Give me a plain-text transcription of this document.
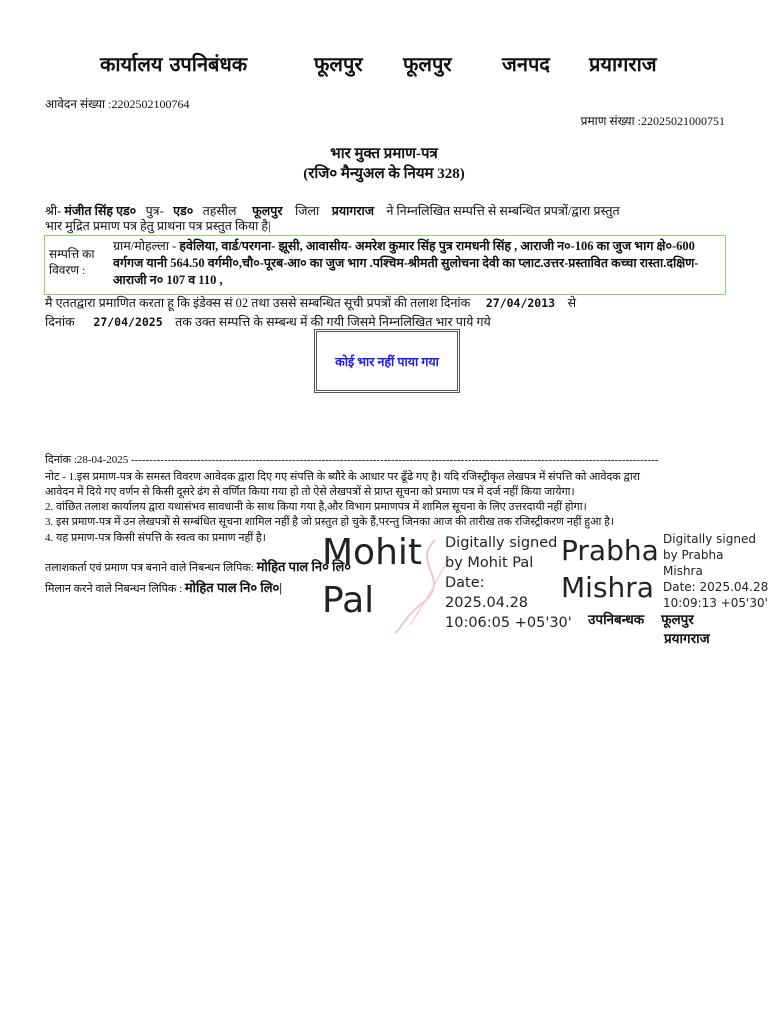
कार्यालय उपनिबंधक	फूलपुर फूलपुर	जनपद प्रयागराज
आवेदन संख्या :2202502100764
प्रमाण संख्या :22025021000751
भार मुक्त प्रमाण-पत्र
(रजि० मैन्युअल के नियम 328)
श्री- मंजीत सिंह एड० पुत्र- एड० तहसील फूलपुर जिला प्रयागराज ने निम्नलिखित सम्पत्ति से सम्बन्धित प्रपत्रों/द्वारा प्रस्तुत
भार मुद्रित प्रमाण पत्र हेतु प्राथना पत्र प्रस्तुत किया है|
सम्पत्ति का विवरण :
ग्राम/मोहल्ला - हवेलिया, वार्ड/परगना- झूसी, आवासीय- अमरेश कुमार सिंह पुत्र रामधनी सिंह , आराजी न०-106 का जुज भाग क्षे०-600 वर्गगज यानी 564.50 वर्गमी०,चौ०-पूरब-आ० का जुज भाग .पश्चिम-श्रीमती सुलोचना देवी का प्लाट.उत्तर-प्रस्तावित कच्चा रास्ता.दक्षिण-आराजी न० 107 व 110 ,
मै एततद्वारा प्रमाणित करता हू कि इंडेक्स सं 02 तथा उससे सम्बन्धित सूची प्रपत्रों की तलाश दिनांक 27/04/2013 से
दिनांक 27/04/2025 तक उक्त सम्पत्ति के सम्बन्ध में की गयी जिसमे निम्नलिखित भार पाये गये
कोई भार नहीं पाया गया
दिनांक :28-04-2025 ------------------------------------------------------------------------------------------------------------------------------------------------
नोट - 1.इस प्रमाण-पत्र के समस्त विवरण आवेदक द्वारा दिए गए संपत्ति के ब्यौरे के आधार पर ढूँढे गए है। यदि रजिस्ट्रीकृत लेखपत्र में संपत्ति को आवेदक द्वारा
आवेदन में दिये गए वर्णन से किसी दूसरे ढंग से वर्णित किया गया हो तो ऐसे लेखपत्रों से प्राप्त सूचना को प्रमाण पत्र में दर्ज नहीं किया जायेगा।
2. वांछित तलाश कार्यालय द्वारा यथासंभव सावधानी के साथ किया गया है,और विभाग प्रमाणपत्र में शामिल सूचना के लिए उत्तरदायी नहीं होगा।
3. इस प्रमाण-पत्र में उन लेखपत्रों से सम्बंधित सूचना शामिल नहीं है जो प्रस्तुत हो चुके हैं,परन्तु जिनका आज की तारीख तक रजिस्ट्रीकरण नहीं हुआ है।
4. यह प्रमाण-पत्र किसी संपत्ति के स्वत्व का प्रमाण नहीं है।
तलाशकर्ता एवं प्रमाण पत्र बनाने वाले निबन्धन लिपिक: मोहित पाल नि० लि०
मिलान करने वाले निबन्धन लिपिक : मोहित पाल नि० लि०|
Mohit
Pal
Digitally signed
by Mohit Pal
Date:
2025.04.28
10:06:05 +05'30'
Prabha
Mishra
Digitally signed
by Prabha
Mishra
Date: 2025.04.28
10:09:13 +05'30'
उपनिबन्धक फूलपुर
प्रयागराज
